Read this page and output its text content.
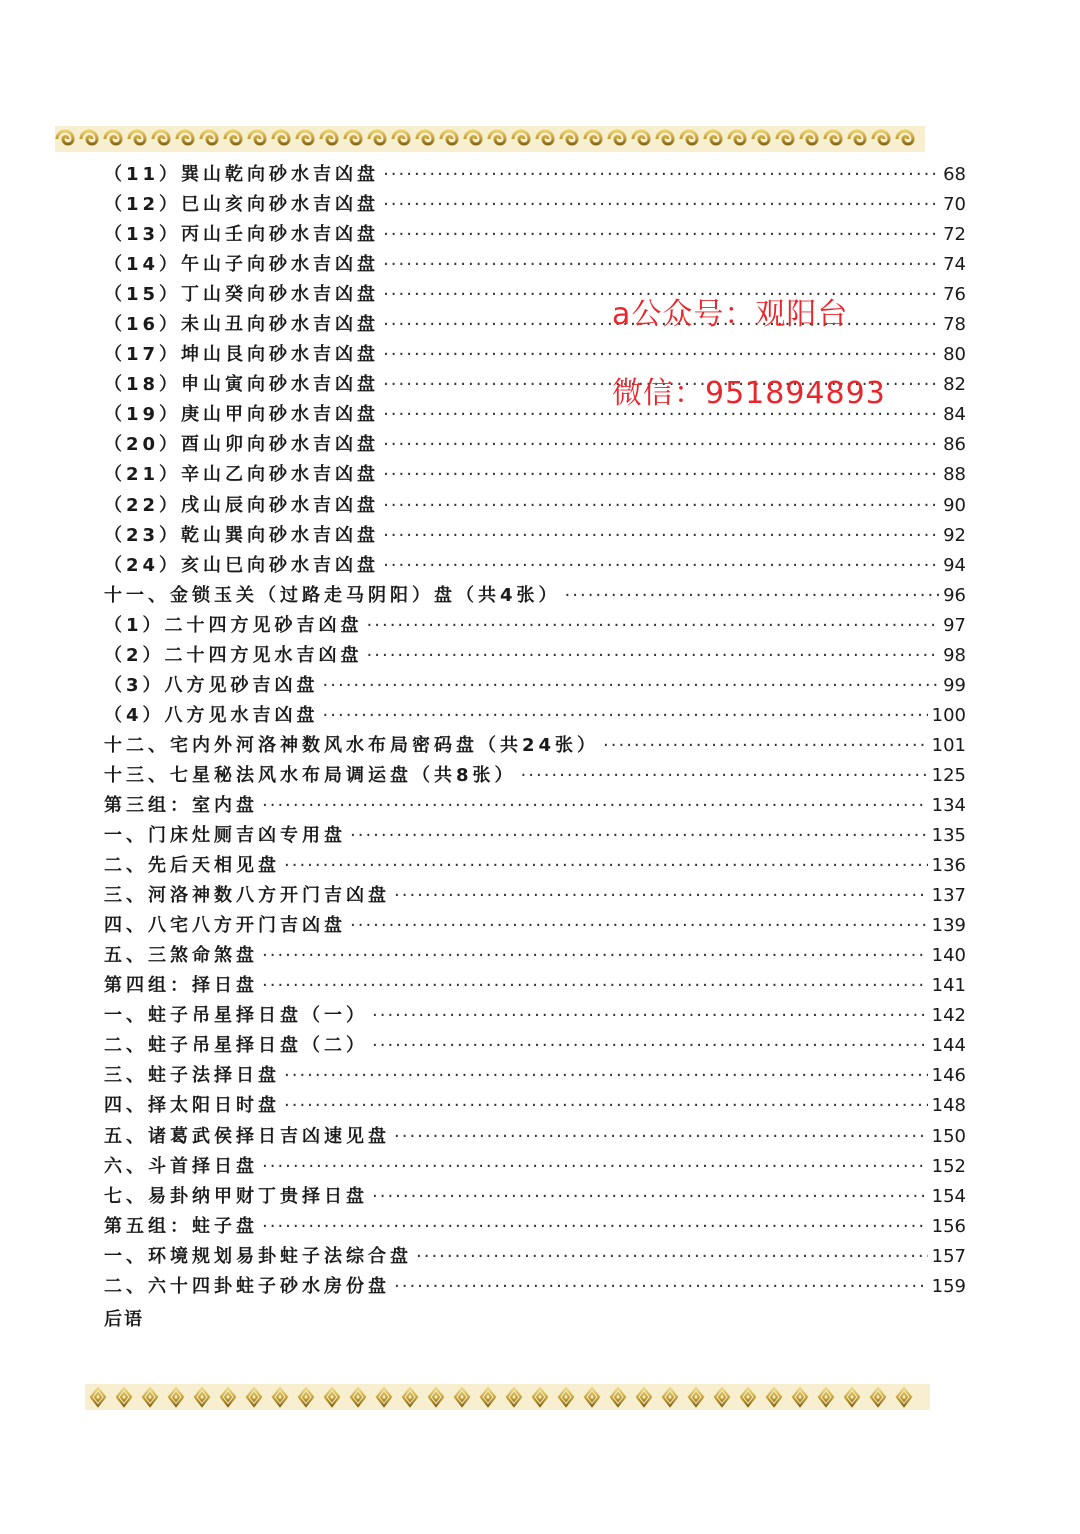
（11）巽山乾向砂水吉凶盘 ·····	68
（12）巳山亥向砂水吉凶盘 ·····	70
（13）丙山壬向砂水吉凶盘 ·····	72
（14）午山子向砂水吉凶盘 ·····	74
（15）丁山癸向砂水吉凶盘 ·····	76
（16）未山丑向砂水吉凶盘 ·····	78
（17）坤山艮向砂水吉凶盘 ·····	80
（18）申山寅向砂水吉凶盘 ·····	82
（19）庚山甲向砂水吉凶盘 ·····	84
（20）酉山卯向砂水吉凶盘 ·····	86
（21）辛山乙向砂水吉凶盘 ·····	88
（22）戌山辰向砂水吉凶盘 ·····	90
（23）乾山巽向砂水吉凶盘 ·····	92
（24）亥山巳向砂水吉凶盘 ·····	94
十一、金锁玉关（过路走马阴阳）盘（共4张） ·····	96
（1）二十四方见砂吉凶盘 ·····	97
（2）二十四方见水吉凶盘 ·····	98
（3）八方见砂吉凶盘 ·····	99
（4）八方见水吉凶盘 ·····	100
十二、宅内外河洛神数风水布局密码盘（共24张） ·····	101
十三、七星秘法风水布局调运盘（共8张） ·····	125
第三组：室内盘 ·····	134
一、门床灶厕吉凶专用盘 ·····	135
二、先后天相见盘 ·····	136
三、河洛神数八方开门吉凶盘 ·····	137
四、八宅八方开门吉凶盘 ·····	139
五、三煞命煞盘 ·····	140
第四组：择日盘 ·····	141
一、蛀子吊星择日盘（一） ·····	142
二、蛀子吊星择日盘（二） ·····	144
三、蛀子法择日盘 ·····	146
四、择太阳日时盘 ·····	148
五、诸葛武侯择日吉凶速见盘 ·····	150
六、斗首择日盘 ·····	152
七、易卦纳甲财丁贵择日盘 ·····	154
第五组：蛀子盘 ·····	156
一、环境规划易卦蛀子法综合盘 ·····	157
二、六十四卦蛀子砂水房份盘 ·····	159
后语
a公众号：观阳台
微信：951894893
